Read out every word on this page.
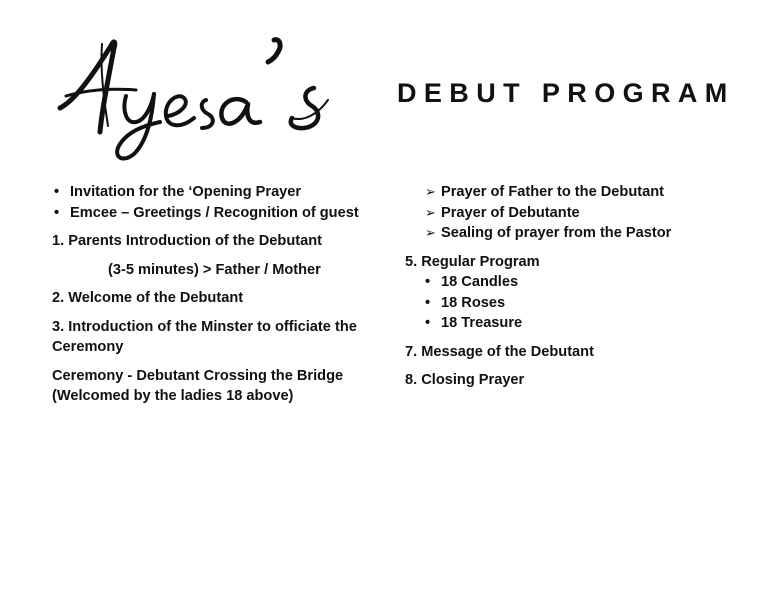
DEBUT PROGRAM
• Invitation for the ‘Opening Prayer
• Emcee – Greetings / Recognition of guest
1. Parents Introduction of the Debutant
(3-5 minutes) > Father / Mother
2. Welcome of the Debutant
3. Introduction of the Minster to officiate the Ceremony
Ceremony - Debutant Crossing the Bridge (Welcomed by the ladies 18 above)
➢ Prayer of Father to the Debutant
➢ Prayer of Debutante
➢ Sealing of prayer from the Pastor
5. Regular Program
• 18 Candles
• 18 Roses
• 18 Treasure
7. Message of the Debutant
8. Closing Prayer
